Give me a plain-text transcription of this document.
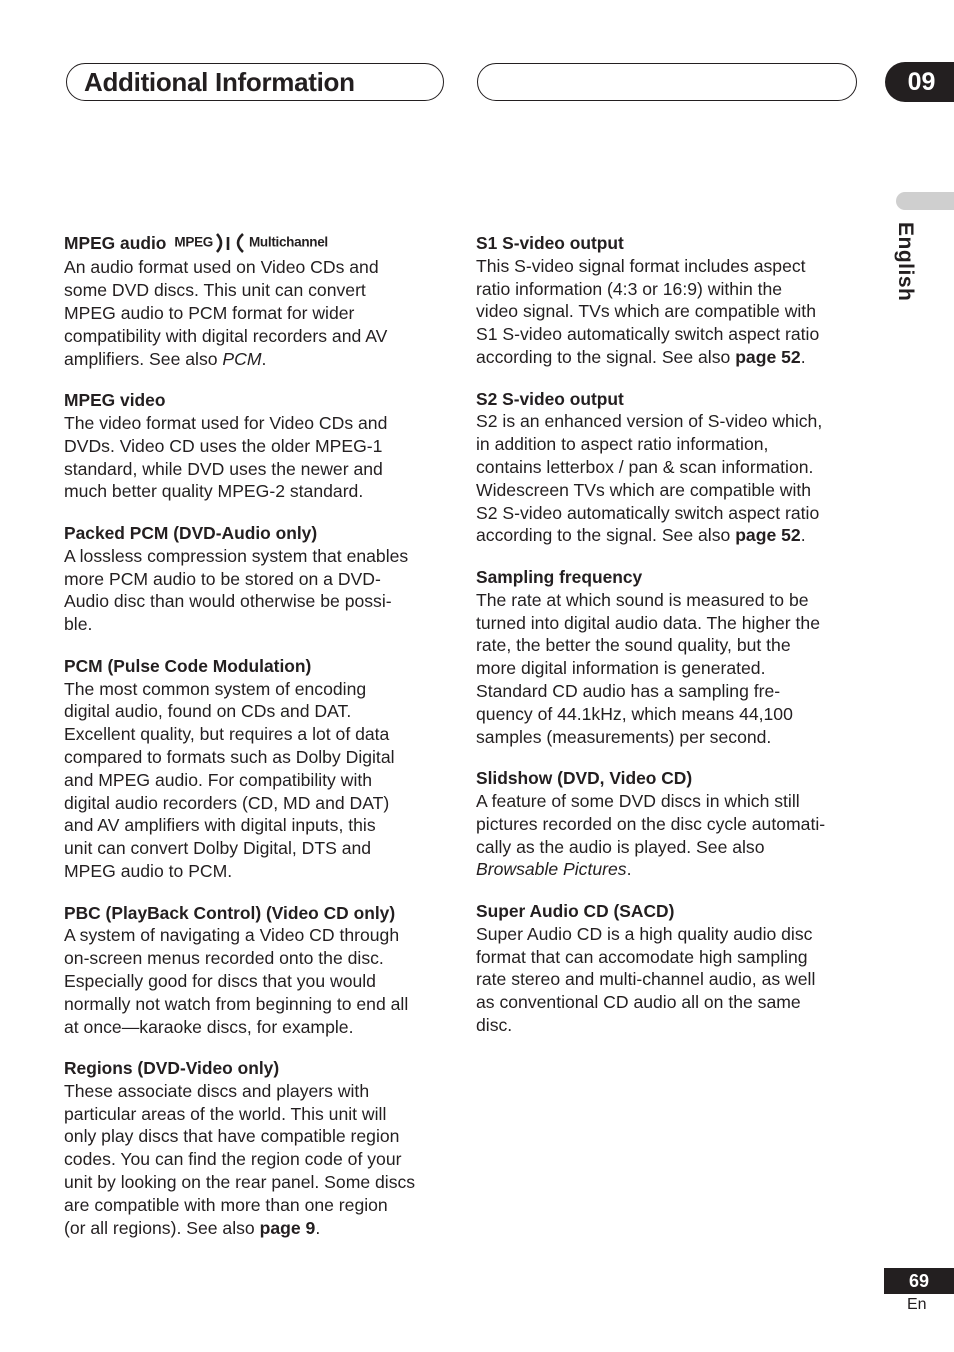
Additional Information	09
English

MPEG audio MPEG	Multichannel

An audio format used on Video CDs and
some DVD discs. This unit can convert
MPEG audio to PCM format for wider
compatibility with digital recorders and AV
amplifiers. See also PCM.

MPEG video

The video format used for Video CDs and
DVDs. Video CD uses the older MPEG-1
standard, while DVD uses the newer and
much better quality MPEG-2 standard.

Packed PCM (DVD-Audio only)

A lossless compression system that enables
more PCM audio to be stored on a DVD-
Audio disc than would otherwise be possi-
ble.

PCM (Pulse Code Modulation)

The most common system of encoding
digital audio, found on CDs and DAT.
Excellent quality, but requires a lot of data
compared to formats such as Dolby Digital
and MPEG audio. For compatibility with
digital audio recorders (CD, MD and DAT)
and AV amplifiers with digital inputs, this
unit can convert Dolby Digital, DTS and
MPEG audio to PCM.

PBC (PlayBack Control) (Video CD only)

A system of navigating a Video CD through
on-screen menus recorded onto the disc.
Especially good for discs that you would
normally not watch from beginning to end all
at once—karaoke discs, for example.

Regions (DVD-Video only)

These associate discs and players with
particular areas of the world. This unit will
only play discs that have compatible region
codes. You can find the region code of your
unit by looking on the rear panel. Some discs
are compatible with more than one region
(or all regions). See also page 9.

S1 S-video output

This S-video signal format includes aspect
ratio information (4:3 or 16:9) within the
video signal. TVs which are compatible with
S1 S-video automatically switch aspect ratio
according to the signal. See also page 52.

S2 S-video output

S2 is an enhanced version of S-video which,
in addition to aspect ratio information,
contains letterbox / pan & scan information.
Widescreen TVs which are compatible with
S2 S-video automatically switch aspect ratio
according to the signal. See also page 52.

Sampling frequency

The rate at which sound is measured to be
turned into digital audio data. The higher the
rate, the better the sound quality, but the
more digital information is generated.
Standard CD audio has a sampling fre-
quency of 44.1kHz, which means 44,100
samples (measurements) per second.

Slidshow (DVD, Video CD)

A feature of some DVD discs in which still
pictures recorded on the disc cycle automati-
cally as the audio is played. See also
Browsable Pictures.

Super Audio CD (SACD)

Super Audio CD is a high quality audio disc
format that can accomodate high sampling
rate stereo and multi-channel audio, as well
as conventional CD audio all on the same
disc.

69
En
